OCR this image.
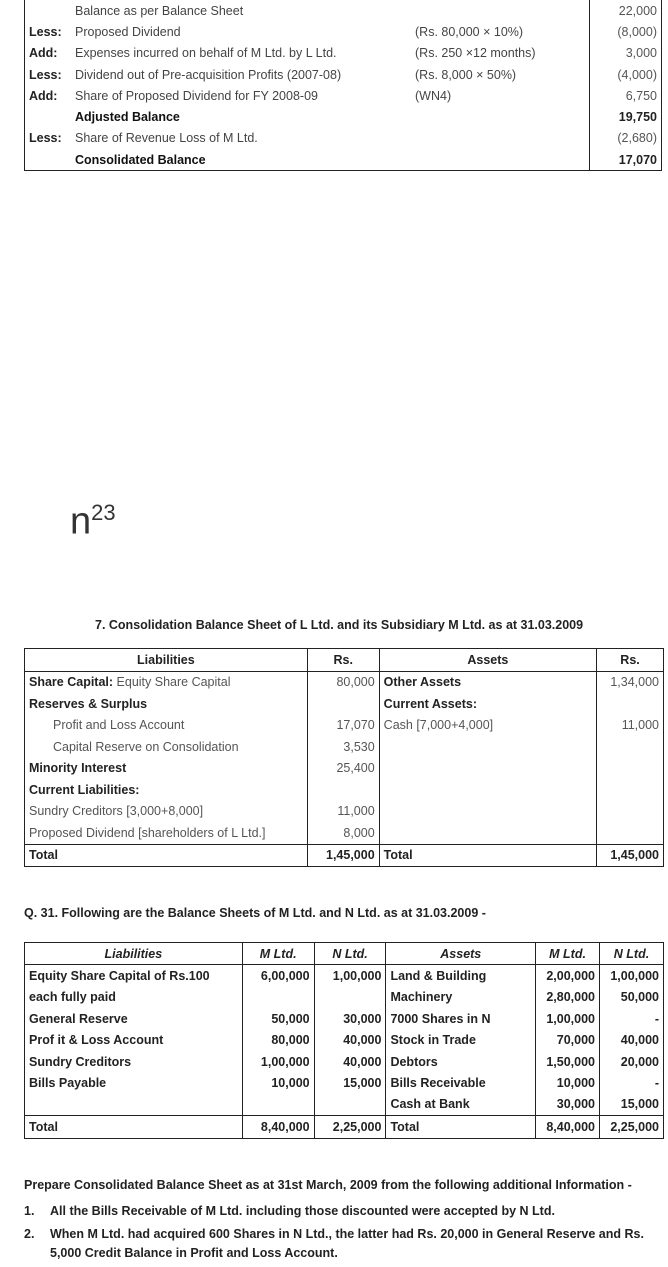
	Balance as per Balance Sheet		22,000
Less:	Proposed Dividend	(Rs. 80,000 × 10%)	(8,000)
Add:	Expenses incurred on behalf of M Ltd. by L Ltd.	(Rs. 250 ×12 months)	3,000
Less:	Dividend out of Pre-acquisition Profits (2007-08)	(Rs. 8,000 × 50%)	(4,000)
Add:	Share of Proposed Dividend for FY 2008-09	(WN4)	6,750
	Adjusted Balance		19,750
Less:	Share of Revenue Loss of M Ltd.		(2,680)
	Consolidated Balance		17,070
$n^{23}$
7. Consolidation Balance Sheet of L Ltd. and its Subsidiary M Ltd. as at 31.03.2009
Liabilities	Rs.	Assets	Rs.
Share Capital: Equity Share Capital	80,000	Other Assets	1,34,000
Reserves & Surplus		Current Assets:	
Profit and Loss Account	17,070	Cash [7,000+4,000]	11,000
Capital Reserve on Consolidation	3,530		
Minority Interest	25,400		
Current Liabilities:			
Sundry Creditors [3,000+8,000]	11,000		
Proposed Dividend [shareholders of L Ltd.]	8,000		
Total	1,45,000	Total	1,45,000
Q. 31. Following are the Balance Sheets of M Ltd. and N Ltd. as at 31.03.2009 -
Liabilities	M Ltd.	N Ltd.	Assets	M Ltd.	N Ltd.
Equity Share Capital of Rs.100	6,00,000	1,00,000	Land & Building	2,00,000	1,00,000
each fully paid			Machinery	2,80,000	50,000
General Reserve	50,000	30,000	7000 Shares in N	1,00,000	-
Prof it & Loss Account	80,000	40,000	Stock in Trade	70,000	40,000
Sundry Creditors	1,00,000	40,000	Debtors	1,50,000	20,000
Bills Payable	10,000	15,000	Bills Receivable	10,000	-
			Cash at Bank	30,000	15,000
Total	8,40,000	2,25,000	Total	8,40,000	2,25,000
Prepare Consolidated Balance Sheet as at 31st March, 2009 from the following additional Information -
1.	All the Bills Receivable of M Ltd. including those discounted were accepted by N Ltd.
2.	When M Ltd. had acquired 600 Shares in N Ltd., the latter had Rs. 20,000 in General Reserve and Rs. 5,000 Credit Balance in Profit and Loss Account.
